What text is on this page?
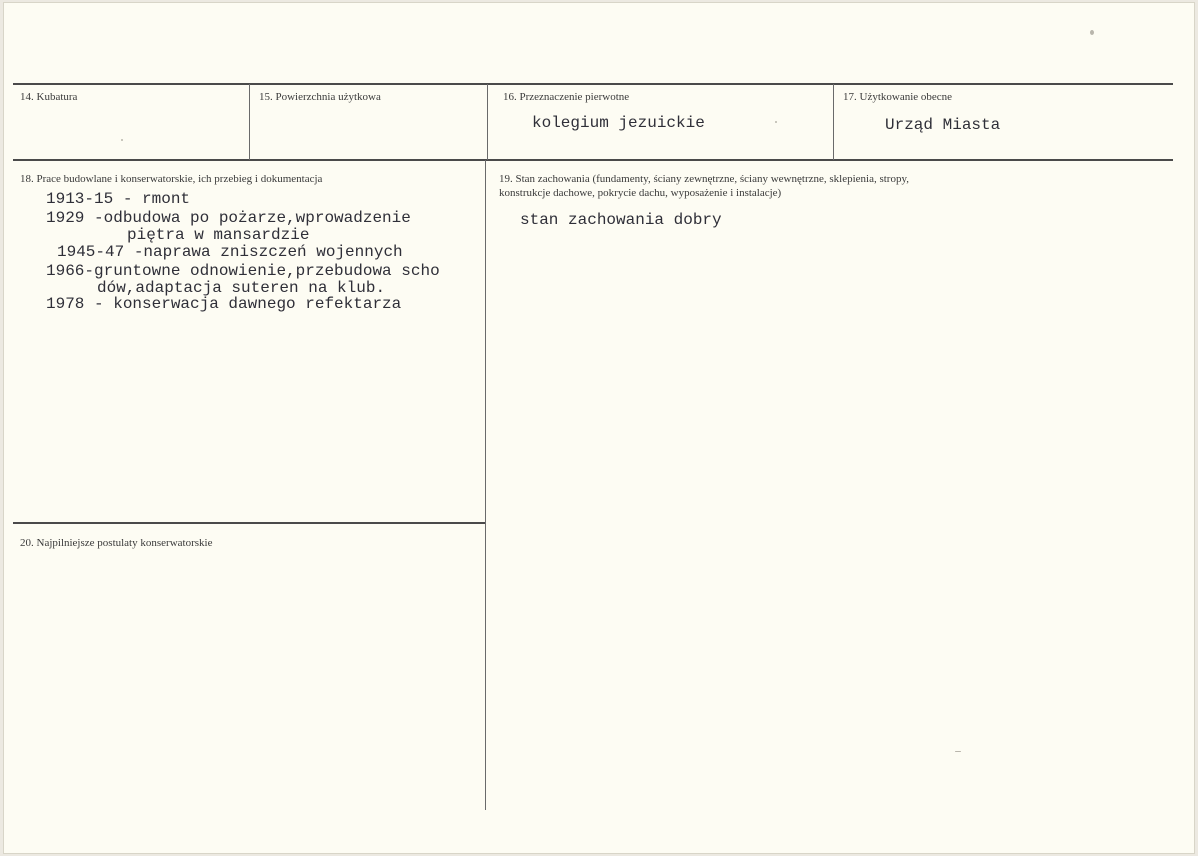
14. Kubatura	15. Powierzchnia użytkowa	16. Przeznaczenie pierwotne
kolegium jezuickie
17. Użytkowanie obecne
Urząd Miasta
18. Prace budowlane i konserwatorskie, ich przebieg i dokumentacja
1913-15 - rmont
1929 -odbudowa po pożarze,wprowadzenie
piętra w mansardzie
1945-47 -naprawa zniszczeń wojennych
1966-gruntowne odnowienie,przebudowa scho
dów,adaptacja suteren na klub.
1978 - konserwacja dawnego refektarza
19. Stan zachowania (fundamenty, ściany zewnętrzne, ściany wewnętrzne, sklepienia, stropy,
konstrukcje dachowe, pokrycie dachu, wyposażenie i instalacje)
stan zachowania dobry
20. Najpilniejsze postulaty konserwatorskie
